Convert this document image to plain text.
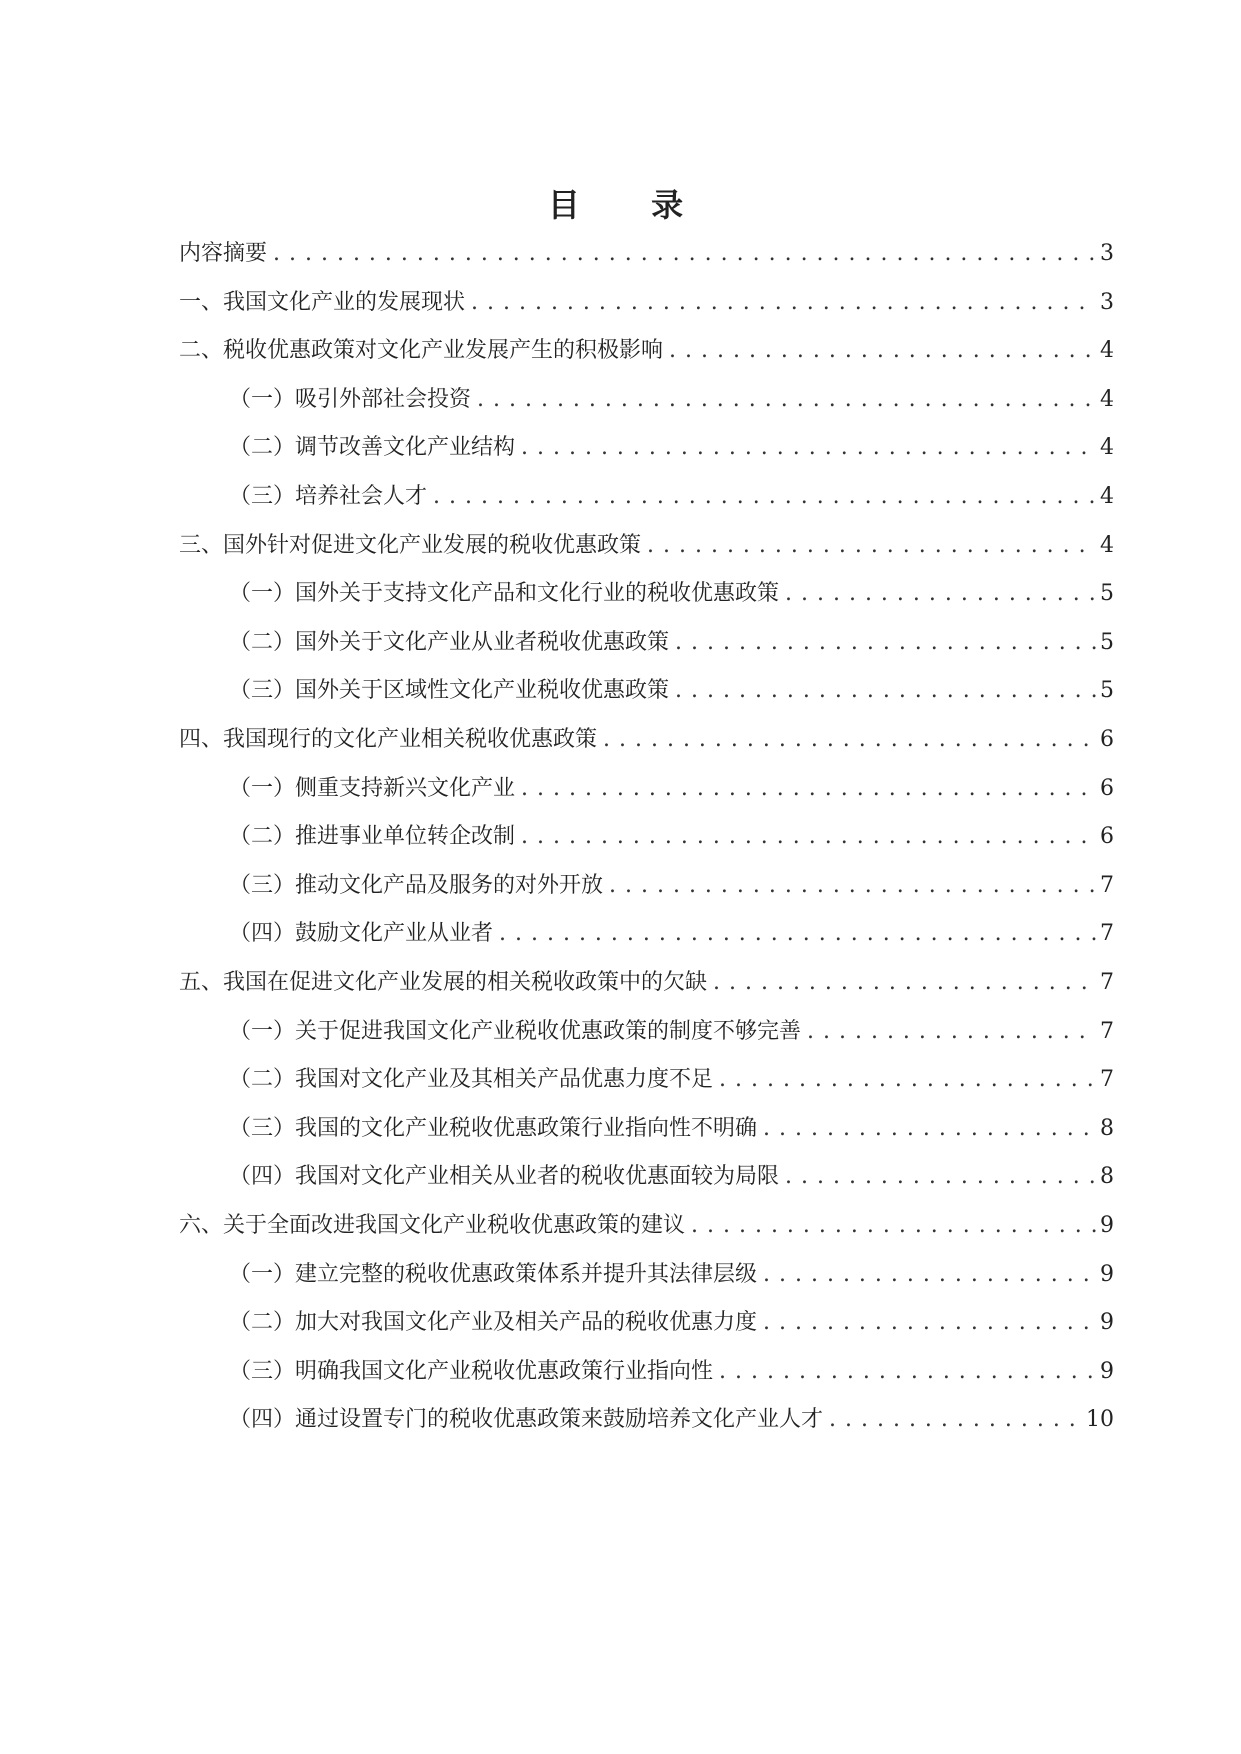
目 录
内容摘要 . . .	3
一、我国文化产业的发展现状 . . .	3
二、税收优惠政策对文化产业发展产生的积极影响 . . .	4
（一）吸引外部社会投资 . . .	4
（二）调节改善文化产业结构 . . .	4
（三）培养社会人才 . . .	4
三、国外针对促进文化产业发展的税收优惠政策 . . .	4
（一）国外关于支持文化产品和文化行业的税收优惠政策 . . .	5
（二）国外关于文化产业从业者税收优惠政策 . . .	5
（三）国外关于区域性文化产业税收优惠政策 . . .	5
四、我国现行的文化产业相关税收优惠政策 . . .	6
（一）侧重支持新兴文化产业 . . .	6
（二）推进事业单位转企改制 . . .	6
（三）推动文化产品及服务的对外开放 . . .	7
（四）鼓励文化产业从业者 . . .	7
五、我国在促进文化产业发展的相关税收政策中的欠缺 . . .	7
（一）关于促进我国文化产业税收优惠政策的制度不够完善 . . .	7
（二）我国对文化产业及其相关产品优惠力度不足 . . .	7
（三）我国的文化产业税收优惠政策行业指向性不明确 . . .	8
（四）我国对文化产业相关从业者的税收优惠面较为局限 . . .	8
六、关于全面改进我国文化产业税收优惠政策的建议 . . .	9
（一）建立完整的税收优惠政策体系并提升其法律层级 . . .	9
（二）加大对我国文化产业及相关产品的税收优惠力度 . . .	9
（三）明确我国文化产业税收优惠政策行业指向性 . . .	9
（四）通过设置专门的税收优惠政策来鼓励培养文化产业人才 . . .	10
